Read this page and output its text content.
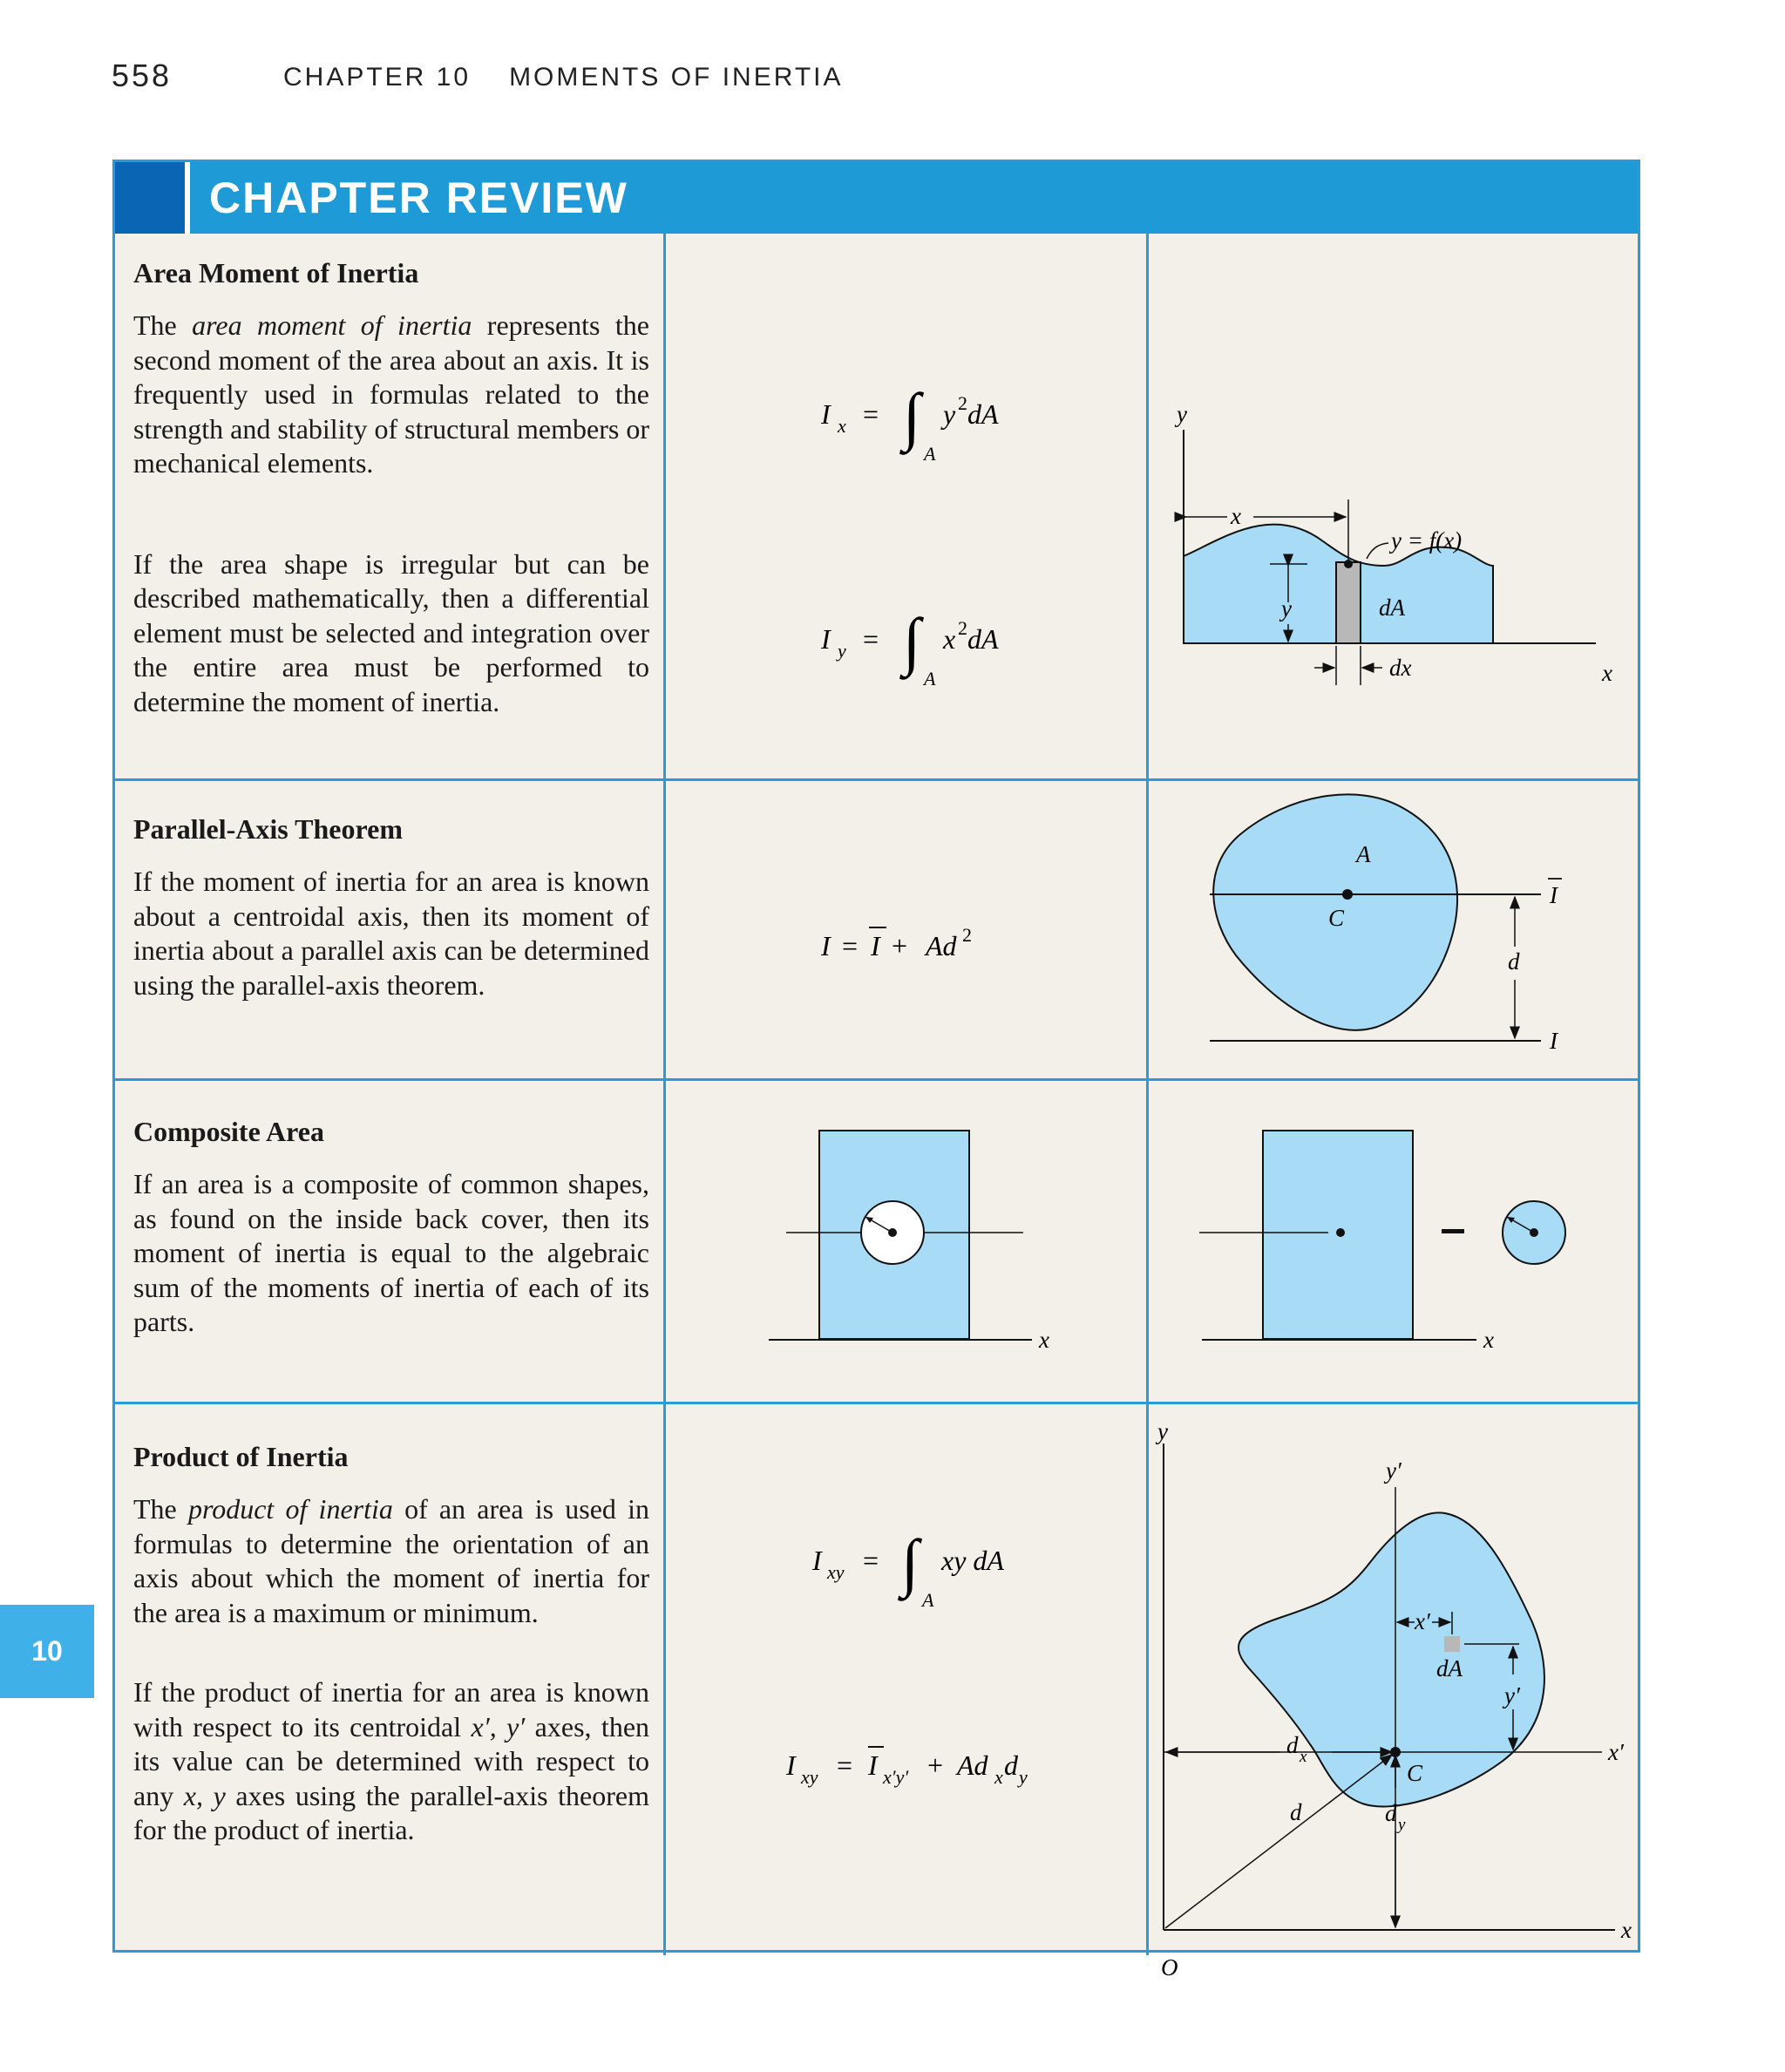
558	CHAPTER 10 MOMENTS OF INERTIA
10
CHAPTER REVIEW
Area Moment of Inertia

The area moment of inertia represents the second moment of the area about an axis. It is frequently used in formulas related to the strength and stability of structural members or mechanical elements.

If the area shape is irregular but can be described mathematically, then a differential element must be selected and integration over the entire area must be performed to determine the moment of inertia.

I x = ∫
A
y 2 dA
I y = ∫
A
x 2 dA
y
x
x
y	dA
y = f(x)
dx
Parallel-Axis Theorem

If the moment of inertia for an area is known about a centroidal axis, then its moment of inertia about a parallel axis can be determined using the parallel-axis theorem.

I = I + Ad 2
A
C
I
I
d
Composite Area

If an area is a composite of common shapes, as found on the inside back cover, then its moment of inertia is equal to the algebraic sum of the moments of inertia of each of its parts.

x	x
Product of Inertia

The product of inertia of an area is used in formulas to determine the orientation of an axis about which the moment of inertia for the area is a maximum or minimum.

If the product of inertia for an area is known with respect to its centroidal x′, y′ axes, then its value can be determined with respect to any x, y axes using the parallel-axis theorem for the product of inertia.

I xy = ∫
A
xy dA
I xy = I x′y′ + Ad x d y
y
x
O
y′
x′
C
dA
x′
y′
d x
d y
d
